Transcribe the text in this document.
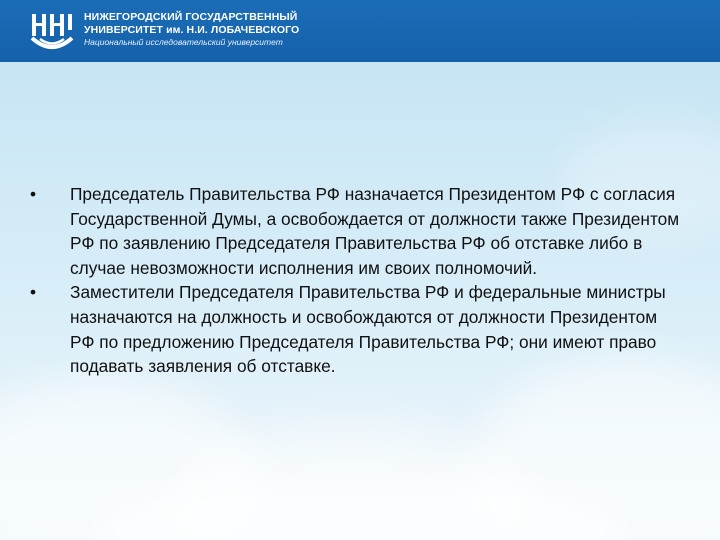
НИЖЕГОРОДСКИЙ ГОСУДАРСТВЕННЫЙ
УНИВЕРСИТЕТ им. Н.И. ЛОБАЧЕВСКОГО
Национальный исследовательский университет
• Председатель Правительства РФ назначается Президентом РФ с согласия Государственной Думы, а освобождается от должности также Президентом РФ по заявлению Председателя Правительства РФ об отставке либо в случае невозможности исполнения им своих полномочий.
• Заместители Председателя Правительства РФ и федеральные министры назначаются на должность и освобождаются от должности Президентом РФ по предложению Председателя Правительства РФ; они имеют право подавать заявления об отставке.
